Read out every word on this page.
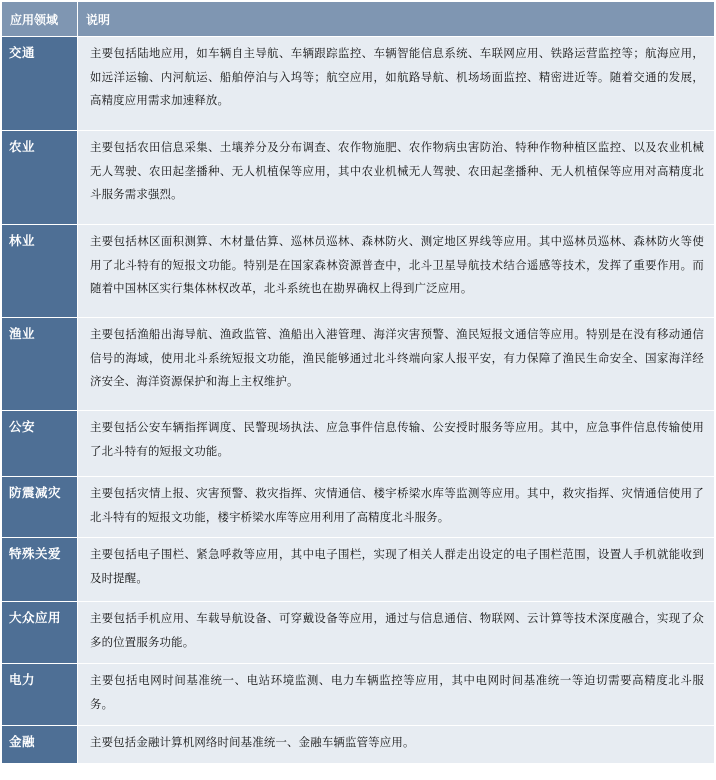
应用领域	说明
交通	主要包括陆地应用，如车辆自主导航、车辆跟踪监控、车辆智能信息系统、车联网应用、铁路运营监控等；航海应用，如远洋运输、内河航运、船舶停泊与入坞等；航空应用，如航路导航、机场场面监控、精密进近等。随着交通的发展，高精度应用需求加速释放。
农业	主要包括农田信息采集、土壤养分及分布调查、农作物施肥、农作物病虫害防治、特种作物种植区监控、以及农业机械无人驾驶、农田起垄播种、无人机植保等应用，其中农业机械无人驾驶、农田起垄播种、无人机植保等应用对高精度北斗服务需求强烈。
林业	主要包括林区面积测算、木材量估算、巡林员巡林、森林防火、测定地区界线等应用。其中巡林员巡林、森林防火等使用了北斗特有的短报文功能。特别是在国家森林资源普查中，北斗卫星导航技术结合遥感等技术，发挥了重要作用。而随着中国林区实行集体林权改革，北斗系统也在勘界确权上得到广泛应用。
渔业	主要包括渔船出海导航、渔政监管、渔船出入港管理、海洋灾害预警、渔民短报文通信等应用。特别是在没有移动通信信号的海域，使用北斗系统短报文功能，渔民能够通过北斗终端向家人报平安，有力保障了渔民生命安全、国家海洋经济安全、海洋资源保护和海上主权维护。
公安	主要包括公安车辆指挥调度、民警现场执法、应急事件信息传输、公安授时服务等应用。其中，应急事件信息传输使用了北斗特有的短报文功能。
防震减灾	主要包括灾情上报、灾害预警、救灾指挥、灾情通信、楼宇桥梁水库等监测等应用。其中，救灾指挥、灾情通信使用了北斗特有的短报文功能，楼宇桥梁水库等应用利用了高精度北斗服务。
特殊关爱	主要包括电子围栏、紧急呼救等应用，其中电子围栏，实现了相关人群走出设定的电子围栏范围，设置人手机就能收到及时提醒。
大众应用	主要包括手机应用、车载导航设备、可穿戴设备等应用，通过与信息通信、物联网、云计算等技术深度融合，实现了众多的位置服务功能。
电力	主要包括电网时间基准统一、电站环境监测、电力车辆监控等应用，其中电网时间基准统一等迫切需要高精度北斗服务。
金融	主要包括金融计算机网络时间基准统一、金融车辆监管等应用。
